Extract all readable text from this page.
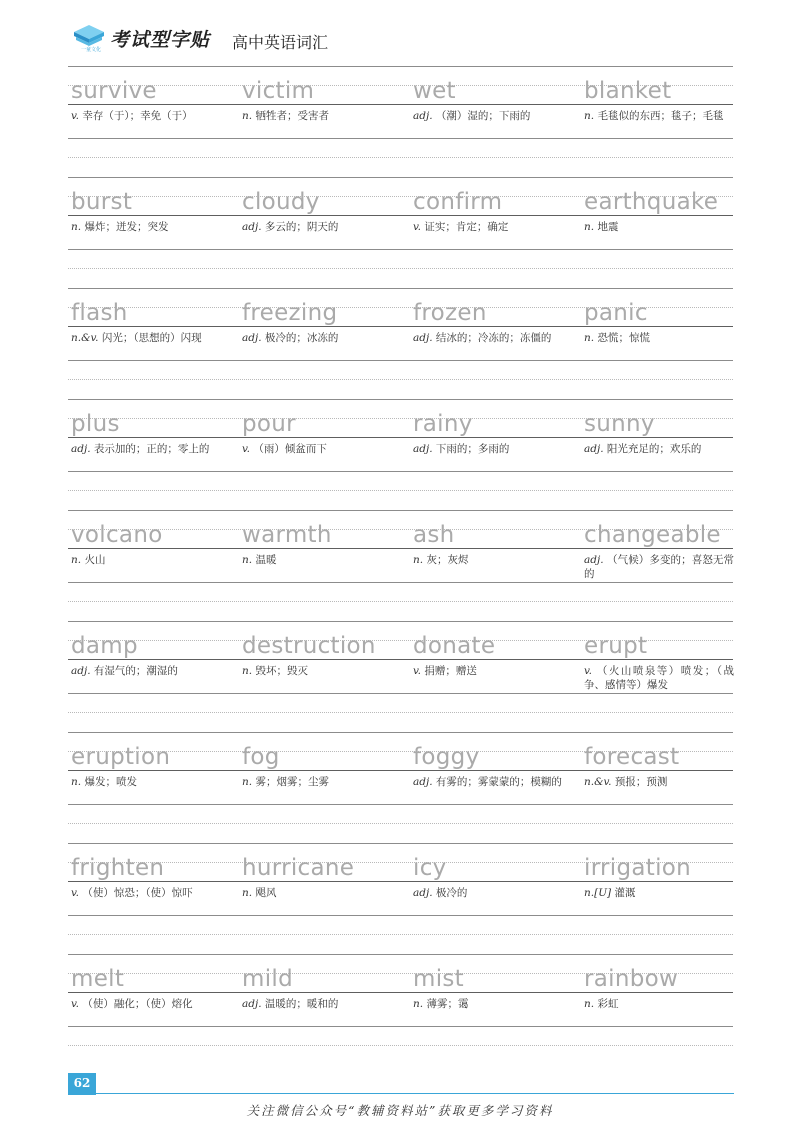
一童文化 考试型字贴 高中英语词汇
survive
v. 幸存（于）；幸免（于）
victim
n. 牺牲者；受害者
wet
adj. （潮）湿的；下雨的
blanket
n. 毛毯似的东西；毯子；毛毯
burst
n. 爆炸；迸发；突发
cloudy
adj. 多云的；阴天的
confirm
v. 证实；肯定；确定
earthquake
n. 地震
flash
n.&v. 闪光；（思想的）闪现
freezing
adj. 极冷的；冰冻的
frozen
adj. 结冰的；冷冻的；冻僵的
panic
n. 恐慌；惊慌
plus
adj. 表示加的；正的；零上的
pour
v. （雨）倾盆而下
rainy
adj. 下雨的；多雨的
sunny
adj. 阳光充足的；欢乐的
volcano
n. 火山
warmth
n. 温暖
ash
n. 灰；灰烬
changeable
adj. （气候）多变的；喜怒无常的
damp
adj. 有湿气的；潮湿的
destruction
n. 毁坏；毁灭
donate
v. 捐赠；赠送
erupt
v. （火山喷泉等）喷发；（战争、感情等）爆发
eruption
n. 爆发；喷发
fog
n. 雾；烟雾；尘雾
foggy
adj. 有雾的；雾蒙蒙的；模糊的
forecast
n.&v. 预报；预测
frighten
v. （使）惊恐；（使）惊吓
hurricane
n. 飓风
icy
adj. 极冷的
irrigation
n.[U] 灌溉
melt
v. （使）融化；（使）熔化
mild
adj. 温暖的；暖和的
mist
n. 薄雾；霭
rainbow
n. 彩虹
62
关注微信公众号“教辅资料站”获取更多学习资料
